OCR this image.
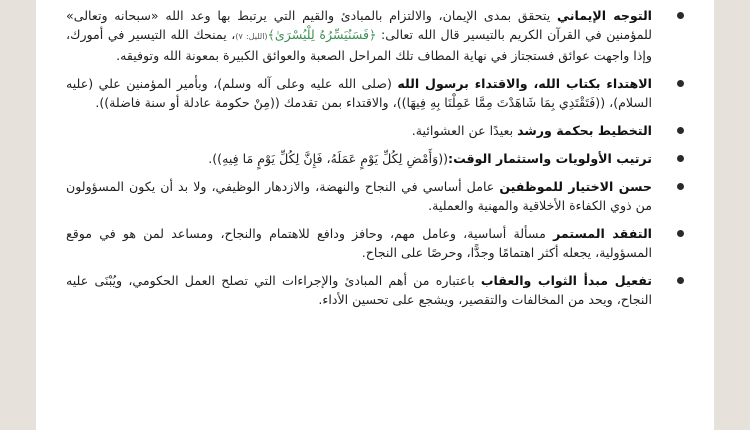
التوجه الإيماني يتحقق بمدى الإيمان، والالتزام بالمبادئ والقيم التي يرتبط بها وعد الله «سبحانه وتعالى» للمؤمنين في القرآن الكريم بالتيسير قال الله تعالى: ﴿فَسَنُيَسِّرُهُ لِلْيُسْرَىٰ﴾(الليل: ٧)، يمنحك الله التيسير في أمورك، وإذا واجهت عوائق فستجتاز في نهاية المطاف تلك المراحل الصعبة والعوائق الكبيرة بمعونة الله وتوفيقه.
الاهتداء بكتاب الله، والاقتداء برسول الله (صلى الله عليه وعلى آله وسلم)، وبأمير المؤمنين علي (عليه السلام)، ((فَتَقْتَدِي بِمَا شَاهَدْتَ مِمَّا عَمِلْنَا بِهِ فِيهَا))، والاقتداء بمن تقدمك ((مِنْ حكومة عادلة أو سنة فاضلة)).
التخطيط بحكمة ورشد بعيدًا عن العشوائية.
ترتيب الأولويات واستثمار الوقت:((وَأَمْضِ لِكُلِّ يَوْمٍ عَمَلَهُ، فَإِنَّ لِكُلِّ يَوْمٍ مَا فِيهِ)).
حسن الاختيار للموظفين عامل أساسي في النجاح والنهضة، والازدهار الوظيفي، ولا بد أن يكون المسؤولون من ذوي الكفاءة الأخلاقية والمهنية والعملية.
التفقد المستمر مسألة أساسية، وعامل مهم، وحافز ودافع للاهتمام والنجاح، ومساعد لمن هو في موقع المسؤولية، يجعله أكثر اهتمامًا وجدًّا، وحرصًا على النجاح.
تفعيل مبدأ الثواب والعقاب باعتباره من أهم المبادئ والإجراءات التي تصلح العمل الحكومي، ويُبْنَى عليه النجاح، ويحد من المخالفات والتقصير، ويشجع على تحسين الأداء.
